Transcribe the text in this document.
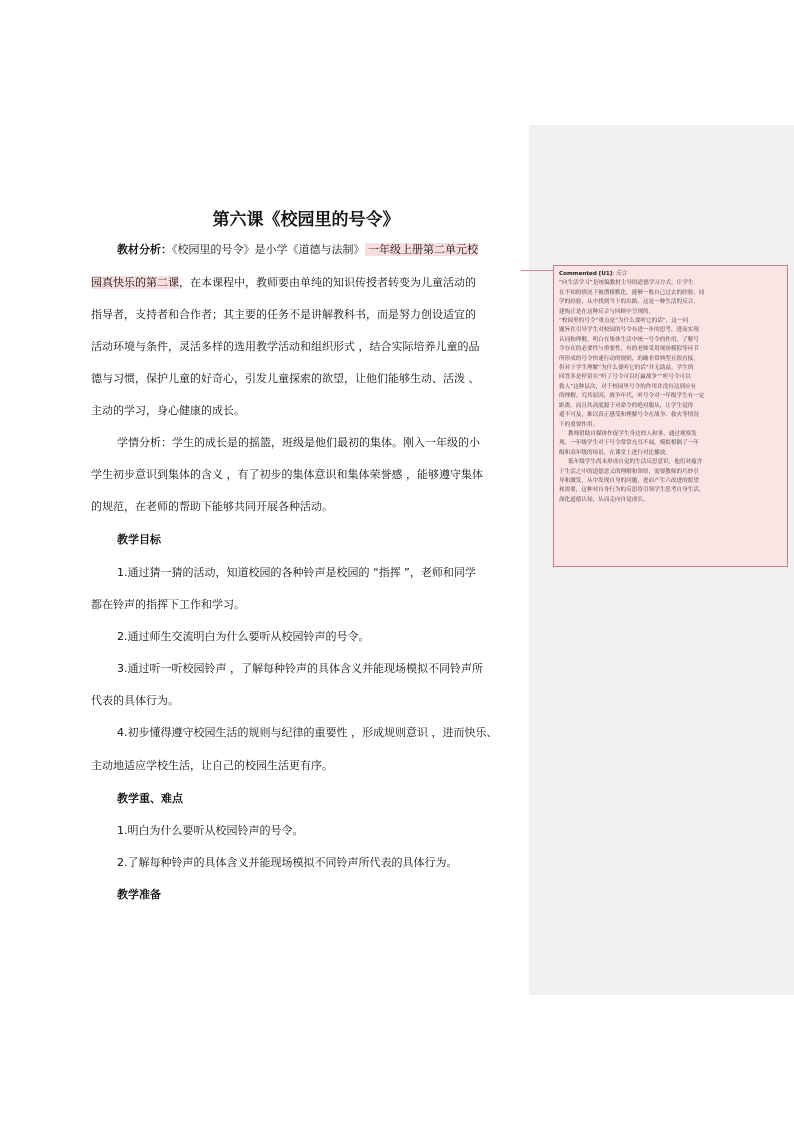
第六课《校园里的号令》

教材分析：《校园里的号令》是小学《道德与法制》 一年级上册第二单元校

园真快乐的第二课，在本课程中，教师要由单纯的知识传授者转变为儿童活动的

指导者，支持者和合作者；其主要的任务不是讲解教科书，而是努力创设适宜的

活动环境与条件，灵活多样的选用教学活动和组织形式 ，结合实际培养儿童的品

德与习惯，保护儿童的好奇心，引发儿童探索的欲望，让他们能够生动、活泼 、

主动的学习，身心健康的成长。

学情分析：学生的成长是的摇篮，班级是他们最初的集体。刚入一年级的小

学生初步意识到集体的含义 ，有了初步的集体意识和集体荣誉感 ，能够遵守集体

的规范，在老师的帮助下能够共同开展各种活动。

教学目标

1.通过猜一猜的活动，知道校园的各种铃声是校园的 “指挥 ”，老师和同学

都在铃声的指挥下工作和学习。

2.通过师生交流明白为什么要听从校园铃声的号令。

3.通过听一听校园铃声 ，了解每种铃声的具体含义并能现场模拟不同铃声所

代表的具体行为。

4.初步懂得遵守校园生活的规则与纪律的重要性 ，形成规则意识 ，进而快乐、

主动地适应学校生活，让自己的校园生活更有序。

教学重、难点

1.明白为什么要听从校园铃声的号令。

2.了解每种铃声的具体含义并能现场模拟不同铃声所代表的具体行为。

教学准备

Commented [U1]: 反合

“向生活学习”是统编教材主导的道德学习方式，让学生

在不知的情况下被潜移默化，能够一般自己过去的经验、同

学的经验，从中找到当下的出路。这是一种生活的反合，

建构正是在这种反合与回顾中呈现的。

“校园里的号令”重点是“为什么要听它的话”，这一问

题旨在引导学生对校园的号令有进一步的思考，进而实现

认同和理解，明白在集体生活中统一号令的作用，了解号

令存在的必要性与重要性，有的老师采用现场模拟等环节

所形成的号令快速行动的规则，的确非常典型且很直接，

但对于学生理解“为什么要听它的话”并无助益。学生的

回答多是停留在“听了号令可以打赢战争”“听号令可以

救人”这种层次，对于校园里号令的作用并没有达到应有

的理解。究其原因，战争年代，听号令对一年级学生有一定

距离，而且其高度源于对命令的绝对服从，让学生觉得

遥不可及，难以真正感受和理解号令在战争、救火等情况

下的重要作用。

教师借助自媒体作促学生身边的人和事，通过观察发

现，一年级学生对于号令常常充耳不闻，模拟相隔了一年

级和高年级的场景，在课堂上进行对比播放。

低年级学生尚未形成自觉的生活反思意识，他们对蕴含

于生活之中的道德意义的理解和领悟，需要教师的巧妙引

导和激发，从中发现自身的问题，进而产生六改进的愿望

和需要，这种对自身行为的反思将引领学生思考自身生活，

深化道德认知，从而走向自觉成长。
